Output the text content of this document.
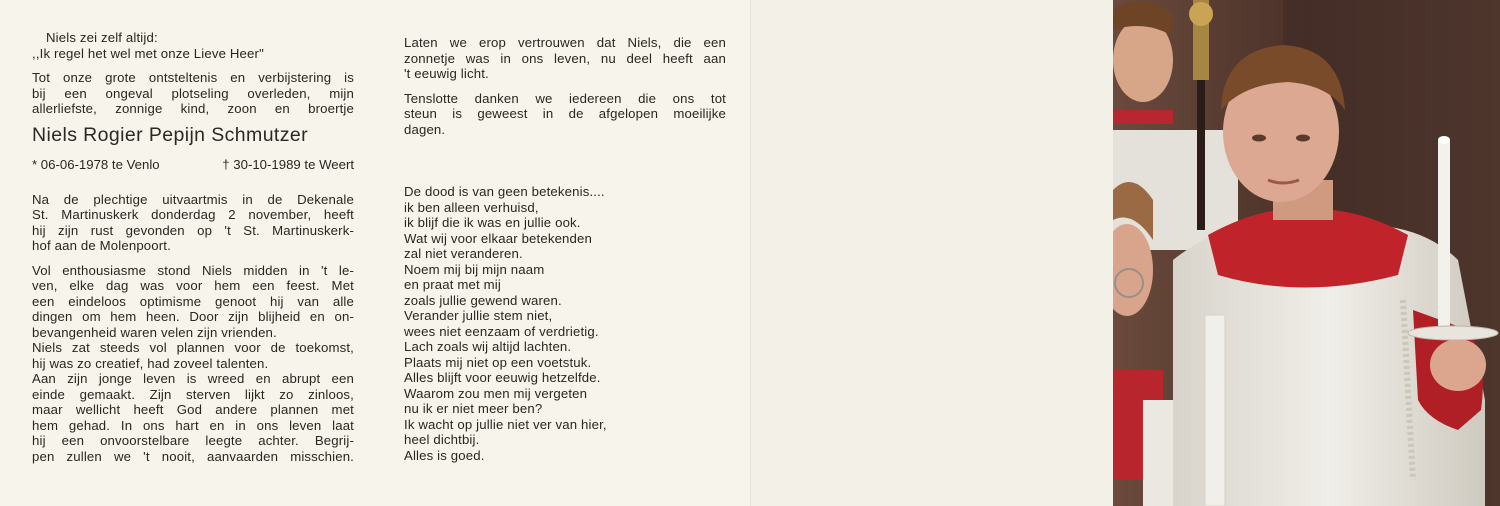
Niels zei zelf altijd:

,,Ik regel het wel met onze Lieve Heer"

Tot onze grote ontsteltenis en verbijstering is

bij een ongeval plotseling overleden, mijn

allerliefste, zonnige kind, zoon en broertje

Niels Rogier Pepijn Schmutzer
* 06-06-1978 te Venlo	† 30-10-1989 te Weert

Na de plechtige uitvaartmis in de Dekenale

St. Martinuskerk donderdag 2 november, heeft

hij zijn rust gevonden op 't St. Martinuskerk-

hof aan de Molenpoort.

Vol enthousiasme stond Niels midden in 't le-

ven, elke dag was voor hem een feest. Met

een eindeloos optimisme genoot hij van alle

dingen om hem heen. Door zijn blijheid en on-

bevangenheid waren velen zijn vrienden.

Niels zat steeds vol plannen voor de toekomst,

hij was zo creatief, had zoveel talenten.

Aan zijn jonge leven is wreed en abrupt een

einde gemaakt. Zijn sterven lijkt zo zinloos,

maar wellicht heeft God andere plannen met

hem gehad. In ons hart en in ons leven laat

hij een onvoorstelbare leegte achter. Begrij-

pen zullen we 't nooit, aanvaarden misschien.

Laten we erop vertrouwen dat Niels, die een

zonnetje was in ons leven, nu deel heeft aan

't eeuwig licht.

Tenslotte danken we iedereen die ons tot

steun is geweest in de afgelopen moeilijke

dagen.

De dood is van geen betekenis....

ik ben alleen verhuisd,

ik blijf die ik was en jullie ook.

Wat wij voor elkaar betekenden

zal niet veranderen.

Noem mij bij mijn naam

en praat met mij

zoals jullie gewend waren.

Verander jullie stem niet,

wees niet eenzaam of verdrietig.

Lach zoals wij altijd lachten.

Plaats mij niet op een voetstuk.

Alles blijft voor eeuwig hetzelfde.

Waarom zou men mij vergeten

nu ik er niet meer ben?

Ik wacht op jullie niet ver van hier,

heel dichtbij.

Alles is goed.
